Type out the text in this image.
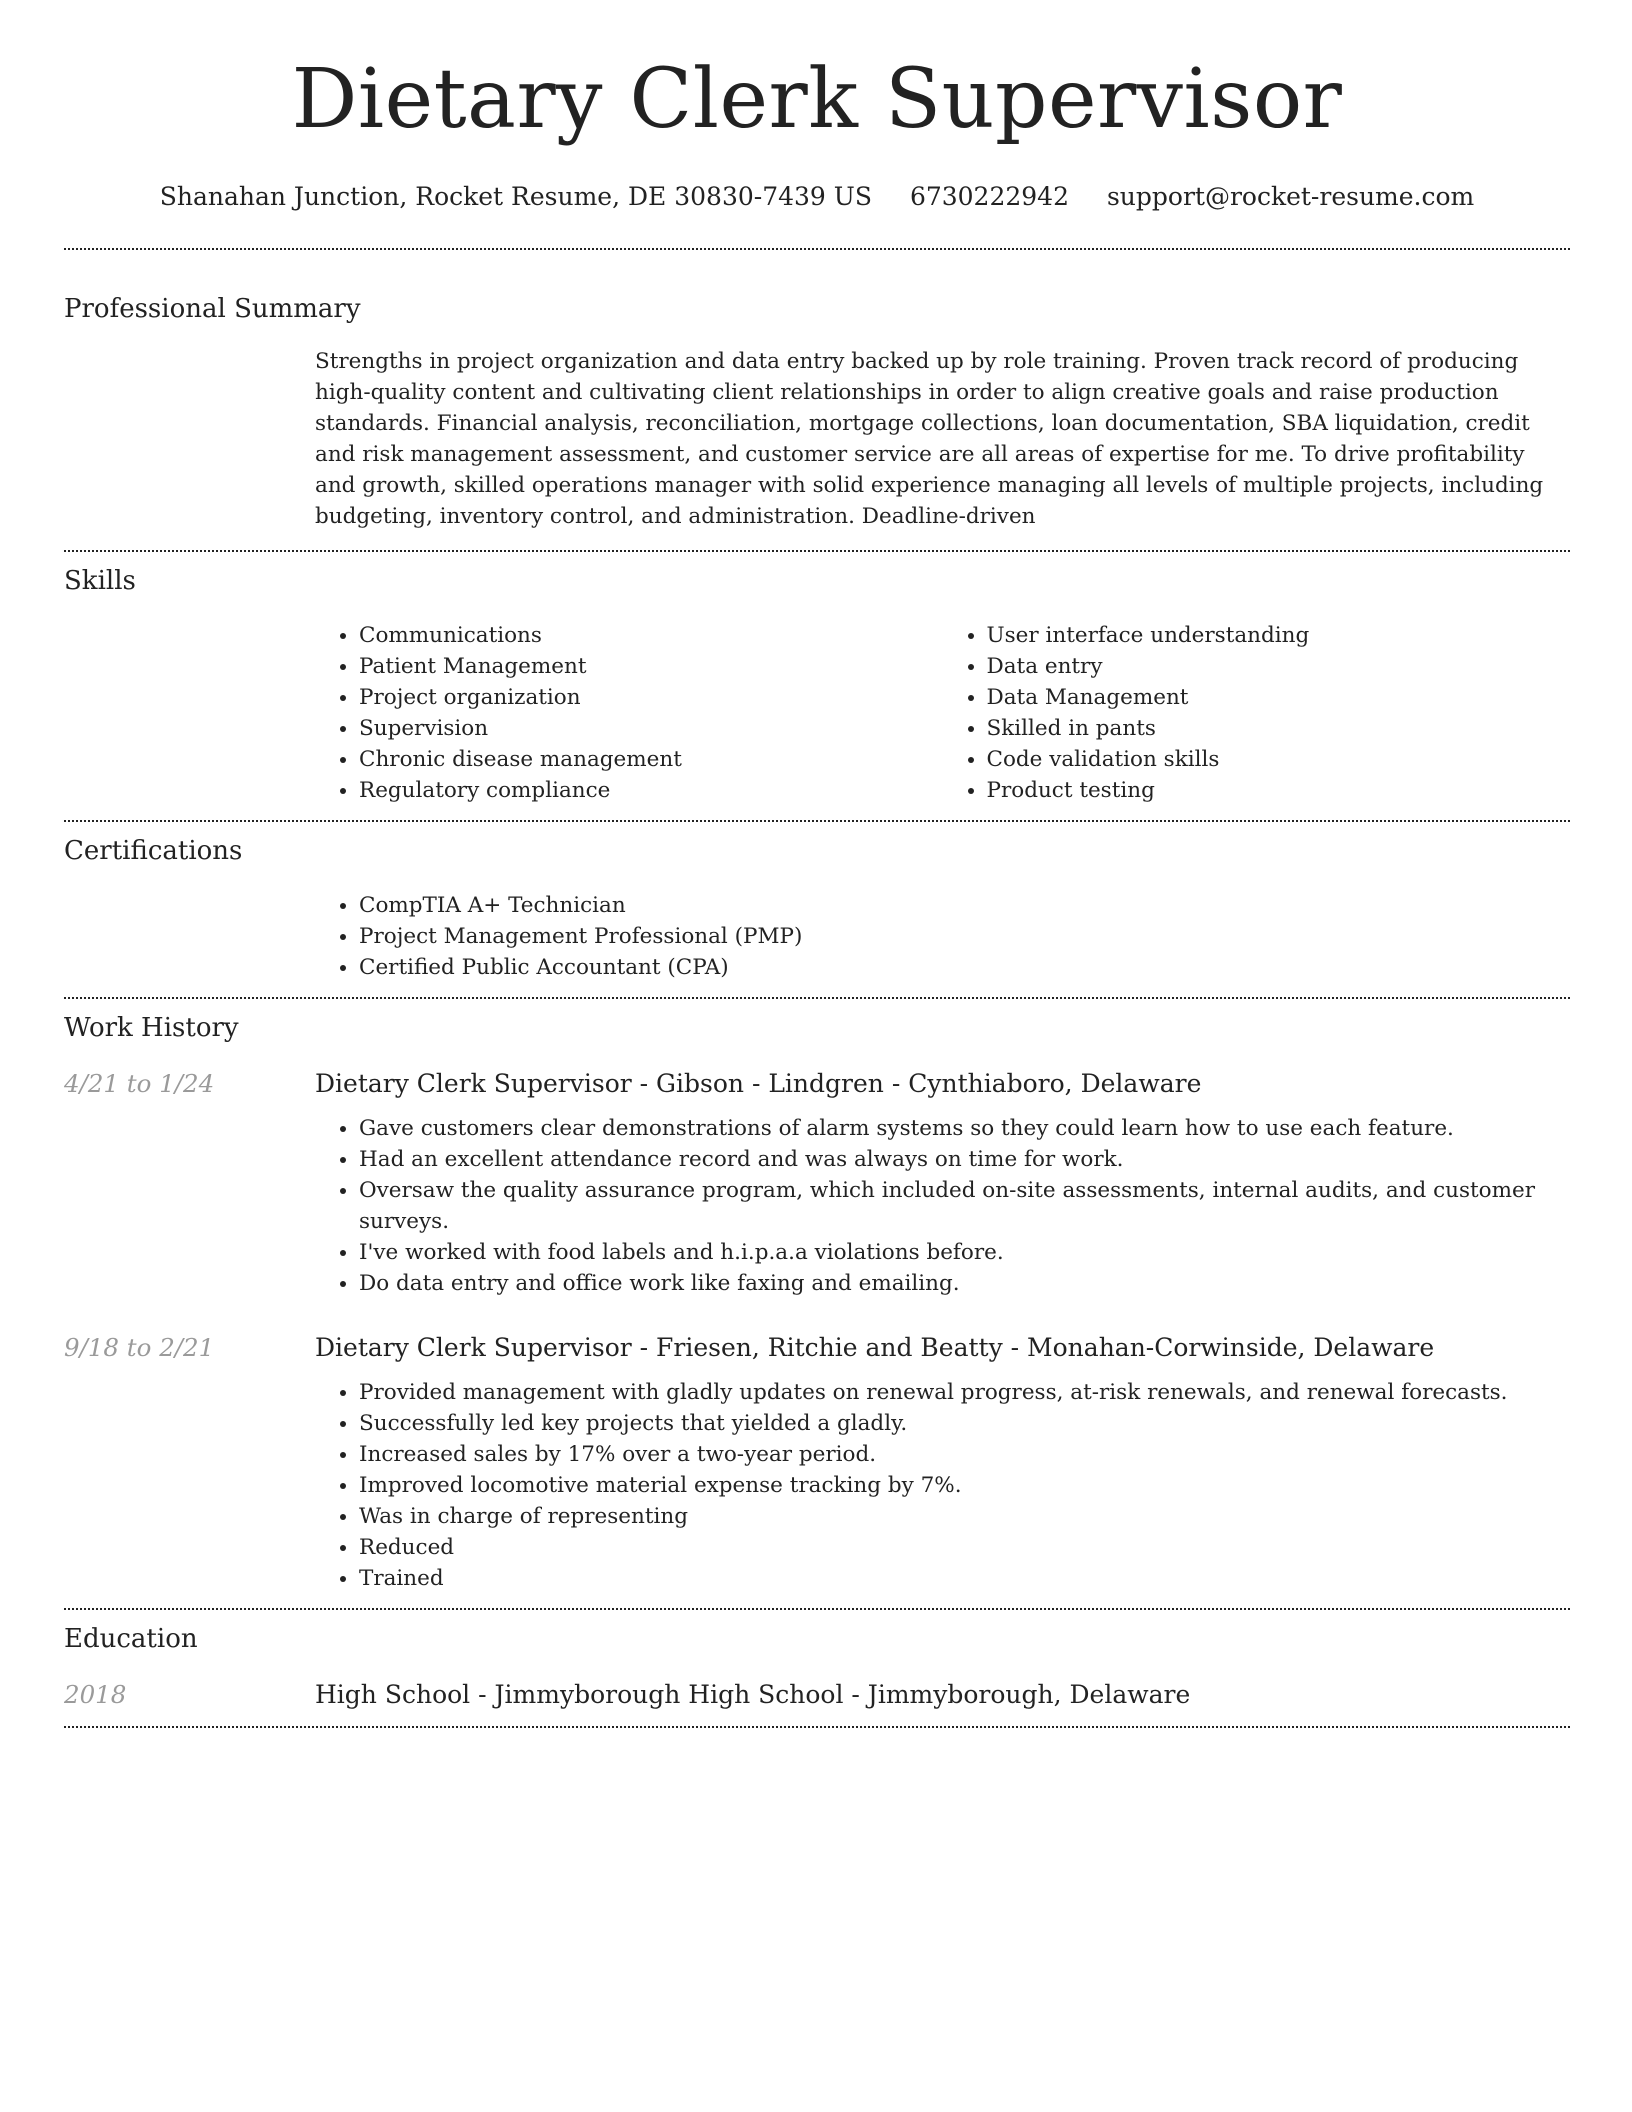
Dietary Clerk Supervisor
Shanahan Junction, Rocket Resume, DE 30830-7439 US 6730222942 support@rocket-resume.com
Professional Summary

Strengths in project organization and data entry backed up by role training. Proven track record of producing high-quality content and cultivating client relationships in order to align creative goals and raise production standards. Financial analysis, reconciliation, mortgage collections, loan documentation, SBA liquidation, credit and risk management assessment, and customer service are all areas of expertise for me. To drive profitability and growth, skilled operations manager with solid experience managing all levels of multiple projects, including budgeting, inventory control, and administration. Deadline-driven

Skills
• Communications
• Patient Management
• Project organization
• Supervision
• Chronic disease management
• Regulatory compliance
• User interface understanding
• Data entry
• Data Management
• Skilled in pants
• Code validation skills
• Product testing
Certifications
• CompTIA A+ Technician
• Project Management Professional (PMP)
• Certified Public Accountant (CPA)
Work History
4/21 to 1/24	Dietary Clerk Supervisor - Gibson - Lindgren - Cynthiaboro, Delaware
• Gave customers clear demonstrations of alarm systems so they could learn how to use each feature.
• Had an excellent attendance record and was always on time for work.
• Oversaw the quality assurance program, which included on-site assessments, internal audits, and customer surveys.
• I've worked with food labels and h.i.p.a.a violations before.
• Do data entry and office work like faxing and emailing.
9/18 to 2/21	Dietary Clerk Supervisor - Friesen, Ritchie and Beatty - Monahan-Corwinside, Delaware
• Provided management with gladly updates on renewal progress, at-risk renewals, and renewal forecasts.
• Successfully led key projects that yielded a gladly.
• Increased sales by 17% over a two-year period.
• Improved locomotive material expense tracking by 7%.
• Was in charge of representing
• Reduced
• Trained
Education
2018	High School - Jimmyborough High School - Jimmyborough, Delaware
